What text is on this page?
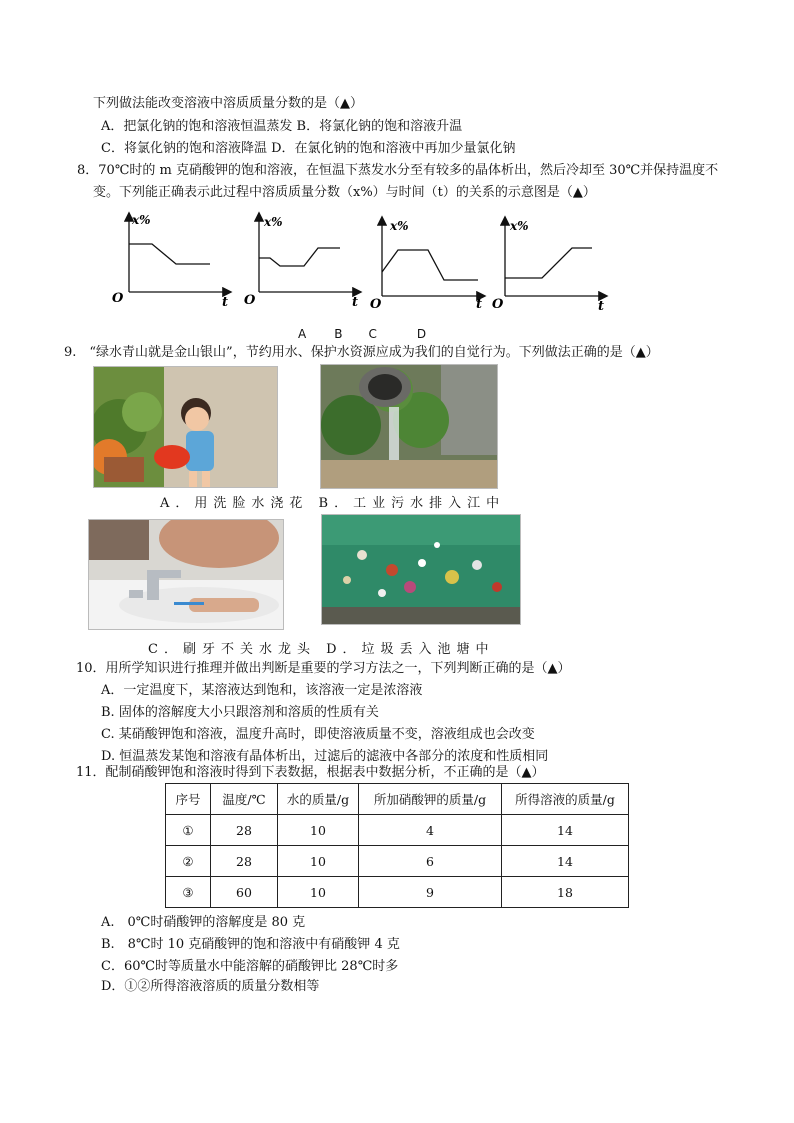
下列做法能改变溶液中溶质质量分数的是（▲）
A．把氯化钠的饱和溶液恒温蒸发 B．将氯化钠的饱和溶液升温
C．将氯化钠的饱和溶液降温 D．在氯化钠的饱和溶液中再加少量氯化钠
8．70℃时的 m 克硝酸钾的饱和溶液，在恒温下蒸发水分至有较多的晶体析出，然后冷却至 30℃并保持温度不
变。下列能正确表示此过程中溶质质量分数（x%）与时间（t）的关系的示意图是（▲）
x%
O	t
x%
O	t
x%
O	t
x%
O	t
A B C	D
9.　“绿水青山就是金山银山”，节约用水、保护水资源应成为我们的自觉行为。下列做法正确的是（▲）
A．用洗脸水浇花 B．工业污水排入江中
C．刷牙不关水龙头 D．垃圾丢入池塘中
10．用所学知识进行推理并做出判断是重要的学习方法之一，下列判断正确的是（▲）
A．一定温度下，某溶液达到饱和，该溶液一定是浓溶液
B. 固体的溶解度大小只跟溶剂和溶质的性质有关
C. 某硝酸钾饱和溶液，温度升高时，即使溶液质量不变，溶液组成也会改变
D. 恒温蒸发某饱和溶液有晶体析出，过滤后的滤液中各部分的浓度和性质相同
11．配制硝酸钾饱和溶液时得到下表数据，根据表中数据分析，不正确的是（▲）
序号	温度/℃	水的质量/g	所加硝酸钾的质量/g	所得溶液的质量/g
①	28	10	4	14
②	28	10	6	14
③	60	10	9	18
A.　0℃时硝酸钾的溶解度是 80 克
B.　8℃时 10 克硝酸钾的饱和溶液中有硝酸钾 4 克
C．60℃时等质量水中能溶解的硝酸钾比 28℃时多
D．①②所得溶液溶质的质量分数相等
